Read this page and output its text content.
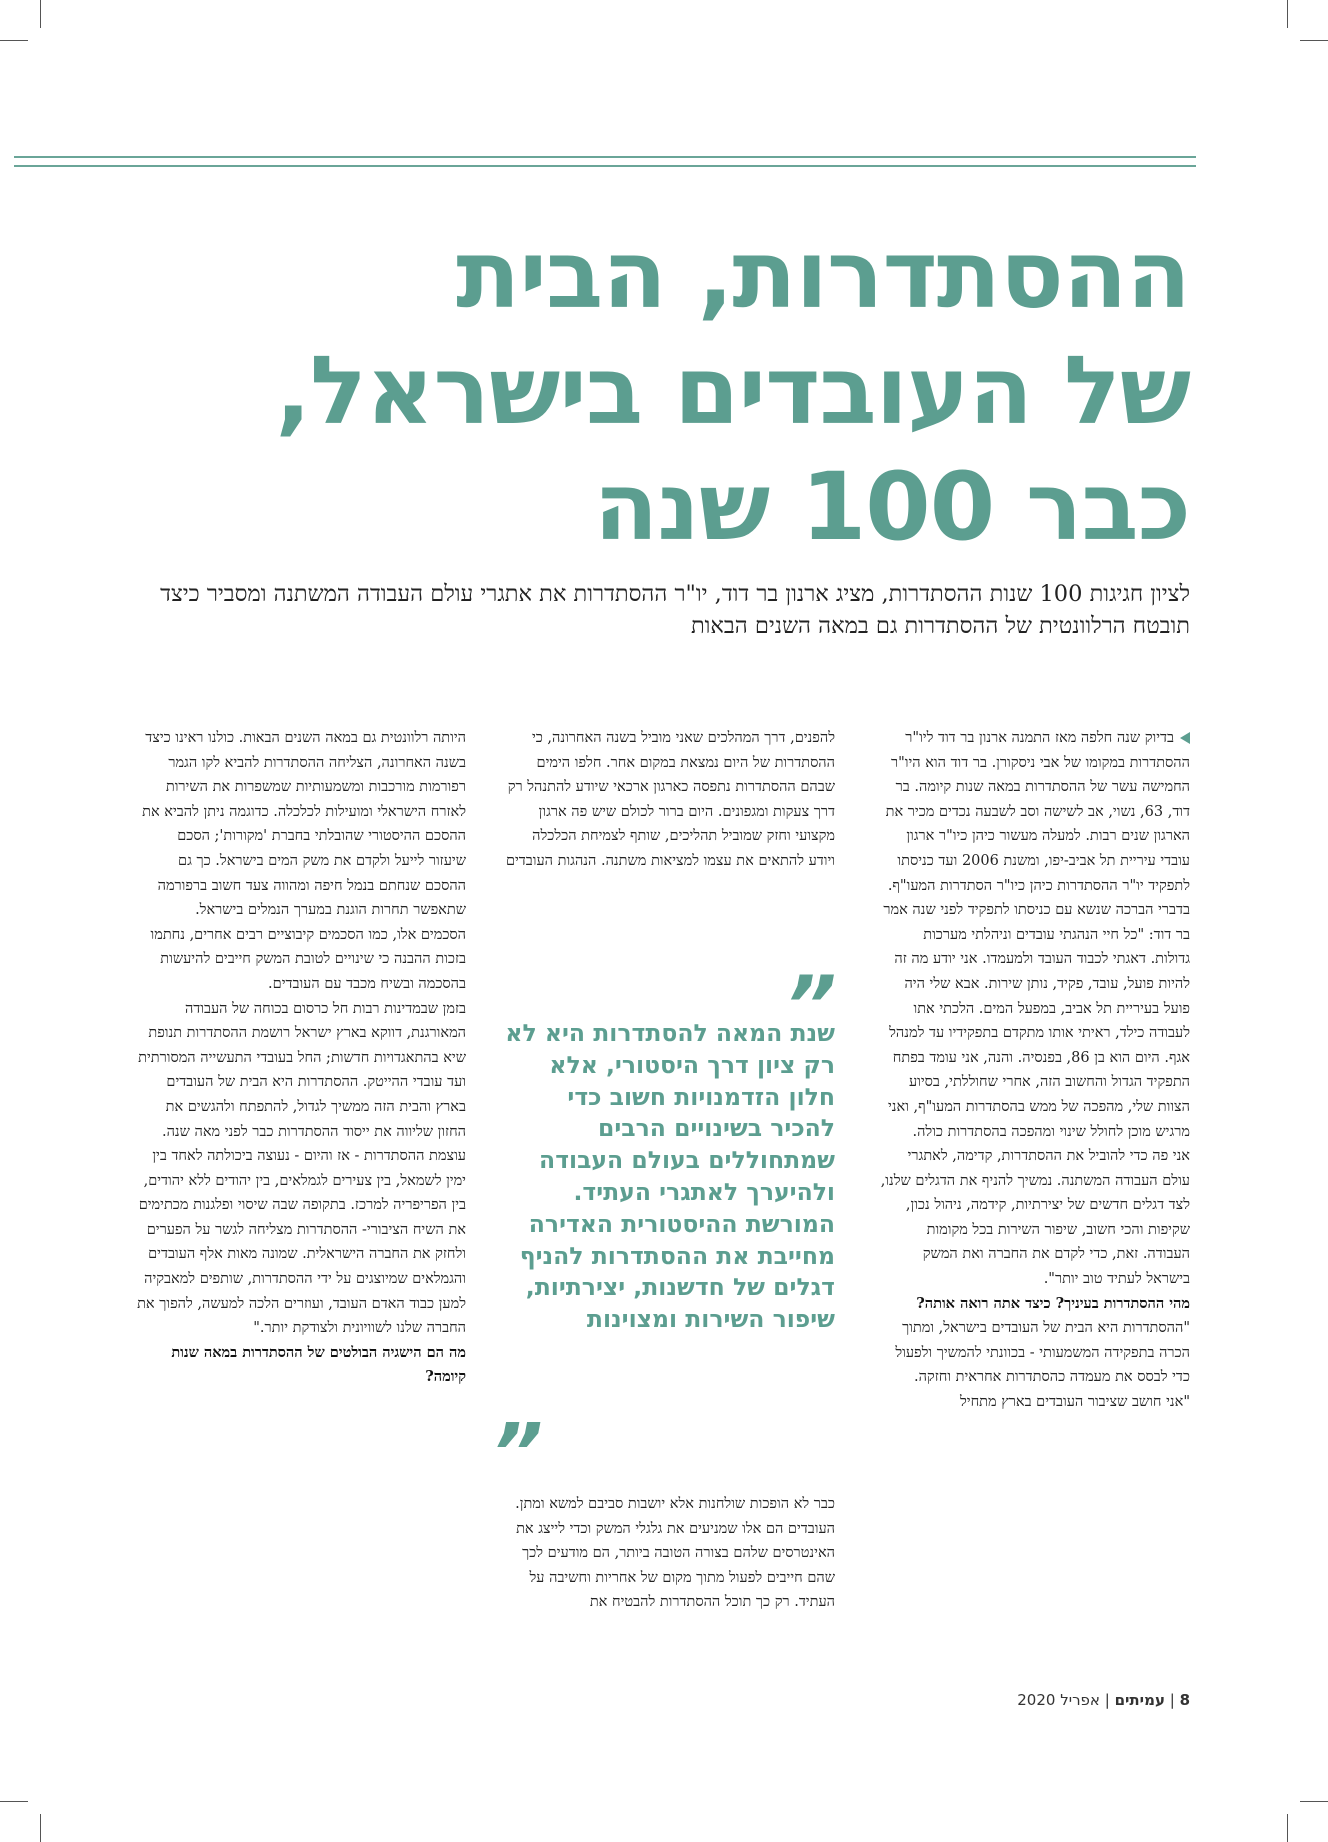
ההסתדרות, הבית
של העובדים בישראל,
כבר 100 שנה

לציון חגיגות 100 שנות ההסתדרות, מציג ארנון בר דוד, יו"ר ההסתדרות את אתגרי עולם העבודה המשתנה ומסביר כיצד תובטח הרלוונטית של ההסתדרות גם במאה השנים הבאות

בדיוק שנה חלפה מאז התמנה ארנון בר דוד ליו"ר ההסתדרות במקומו של אבי ניסקורן. בר דוד הוא היו"ר החמישה עשר של ההסתדרות במאה שנות קיומה. בר דוד, 63, נשוי, אב לשישה וסב לשבעה נכדים מכיר את הארגון שנים רבות. למעלה מעשור כיהן כיו"ר ארגון עובדי עיריית תל אביב-יפו, ומשנת 2006 ועד כניסתו לתפקיד יו"ר ההסתדרות כיהן כיו"ר הסתדרות המעו"ף.

בדברי הברכה שנשא עם כניסתו לתפקיד לפני שנה אמר בר דוד: "כל חיי הנהגתי עובדים וניהלתי מערכות גדולות. דאגתי לכבוד העובד ולמעמדו. אני יודע מה זה להיות פועל, עובד, פקיד, נותן שירות. אבא שלי היה פועל בעיריית תל אביב, במפעל המים. הלכתי אתו לעבודה כילד, ראיתי אותו מתקדם בתפקידיו עד למנהל אגף. היום הוא בן 86, בפנסיה. והנה, אני עומד בפתח התפקיד הגדול והחשוב הזה, אחרי שחוללתי, בסיוע הצוות שלי, מהפכה של ממש בהסתדרות המעו"ף, ואני מרגיש מוכן לחולל שינוי ומהפכה בהסתדרות כולה.

אני פה כדי להוביל את ההסתדרות, קדימה, לאתגרי עולם העבודה המשתנה. נמשיך להניף את הדגלים שלנו, לצד דגלים חדשים של יצירתיות, קידמה, ניהול נכון, שקיפות והכי חשוב, שיפור השירות בכל מקומות העבודה. זאת, כדי לקדם את החברה ואת המשק בישראל לעתיד טוב יותר".

מהי ההסתדרות בעיניך? כיצד אתה רואה אותה?

"ההסתדרות היא הבית של העובדים בישראל, ומתוך הכרה בתפקידה המשמעותי - בכוונתי להמשיך ולפעול כדי לבסס את מעמדה כהסתדרות אחראית וחזקה.

"אני חושב שציבור העובדים בארץ מתחיל

להפנים, דרך המהלכים שאני מוביל בשנה האחרונה, כי ההסתדרות של היום נמצאת במקום אחר. חלפו הימים שבהם ההסתדרות נתפסה כארגון ארכאי שיודע להתנהל רק דרך צעקות ומגפונים. היום ברור לכולם שיש פה ארגון מקצועי וחזק שמוביל תהליכים, שותף לצמיחת הכלכלה ויודע להתאים את עצמו למציאות משתנה. הנהגות העובדים

”

שנת המאה להסתדרות היא לא רק ציון דרך היסטורי, אלא חלון הזדמנויות חשוב כדי להכיר בשינויים הרבים שמתחוללים בעולם העבודה ולהיערך לאתגרי העתיד. המורשת ההיסטורית האדירה מחייבת את ההסתדרות להניף דגלים של חדשנות, יצירתיות, שיפור השירות ומצוינות

„

כבר לא הופכות שולחנות אלא יושבות סביבם למשא ומתן.

העובדים הם אלו שמניעים את גלגלי המשק וכדי לייצג את האינטרסים שלהם בצורה הטובה ביותר, הם מודעים לכך שהם חייבים לפעול מתוך מקום של אחריות וחשיבה על העתיד. רק כך תוכל ההסתדרות להבטיח את

היותה רלוונטית גם במאה השנים הבאות. כולנו ראינו כיצד בשנה האחרונה, הצליחה ההסתדרות להביא לקו הגמר רפורמות מורכבות ומשמעותיות שמשפרות את השירות לאזרח הישראלי ומועילות לכלכלה. כדוגמה ניתן להביא את ההסכם ההיסטורי שהובלתי בחברת 'מקורות'; הסכם שיעזור לייעל ולקדם את משק המים בישראל. כך גם ההסכם שנחתם בנמל חיפה ומהווה צעד חשוב ברפורמה שתאפשר תחרות הוגנת במערך הנמלים בישראל.

הסכמים אלו, כמו הסכמים קיבוציים רבים אחרים, נחתמו בזכות ההבנה כי שינויים לטובת המשק חייבים להיעשות בהסכמה ובשיח מכבד עם העובדים.

בזמן שבמדינות רבות חל כרסום בכוחה של העבודה המאורגנת, דווקא בארץ ישראל רושמת ההסתדרות תנופת שיא בהתאגדויות חדשות; החל בעובדי התעשייה המסורתית ועד עובדי ההייטק. ההסתדרות היא הבית של העובדים בארץ והבית הזה ממשיך לגדול, להתפתח ולהגשים את החזון שליווה את ייסוד ההסתדרות כבר לפני מאה שנה.

עוצמת ההסתדרות - אז והיום - נעוצה ביכולתה לאחד בין ימין לשמאל, בין צעירים לגמלאים, בין יהודים ללא יהודים, בין הפריפריה למרכז. בתקופה שבה שיסוי ופלגנות מכתימים את השיח הציבורי- ההסתדרות מצליחה לגשר על הפערים ולחזק את החברה הישראלית. שמונה מאות אלף העובדים והגמלאים שמיוצגים על ידי ההסתדרות, שותפים למאבקיה למען כבוד האדם העובד, ועוזרים הלכה למעשה, להפוך את החברה שלנו לשוויונית ולצודקת יותר."

מה הם הישגיה הבולטים של ההסתדרות במאה שנות קיומה?

8 | עמיתים | אפריל 2020
